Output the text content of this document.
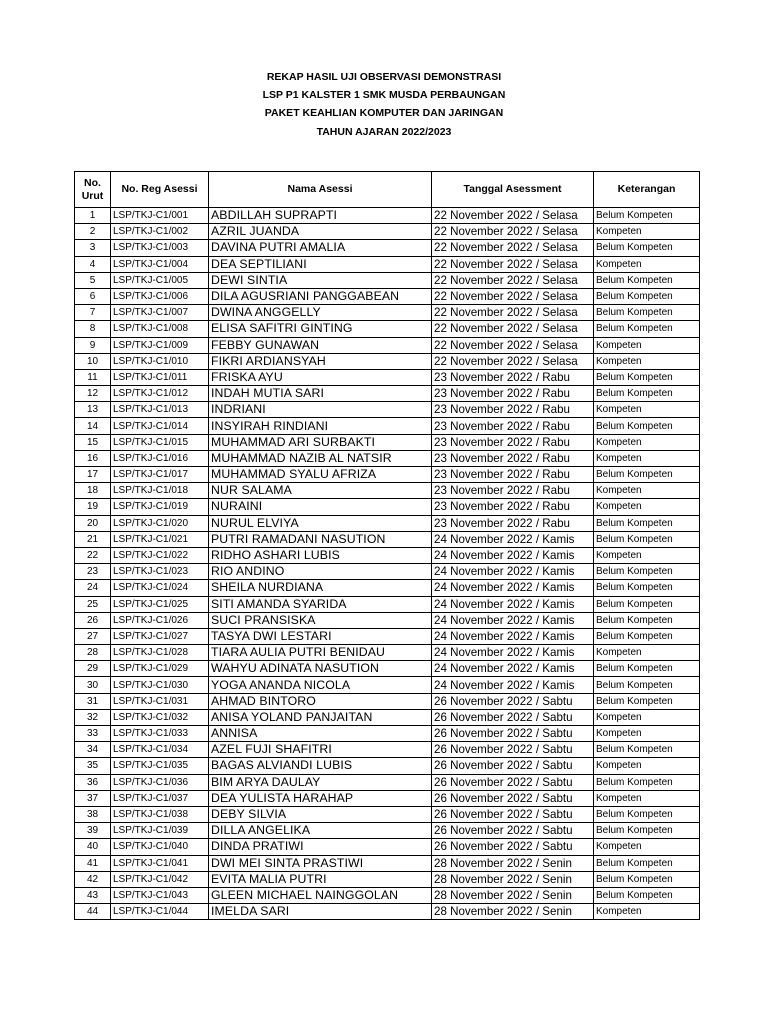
REKAP HASIL UJI OBSERVASI DEMONSTRASI
LSP P1 KALSTER 1 SMK MUSDA PERBAUNGAN
PAKET KEAHLIAN KOMPUTER DAN JARINGAN
TAHUN AJARAN 2022/2023
No.
Urut	No. Reg Asessi	Nama Asessi	Tanggal Asessment	Keterangan
1	LSP/TKJ-C1/001	ABDILLAH SUPRAPTI	22 November 2022 / Selasa	Belum Kompeten
2	LSP/TKJ-C1/002	AZRIL JUANDA	22 November 2022 / Selasa	Kompeten
3	LSP/TKJ-C1/003	DAVINA PUTRI AMALIA	22 November 2022 / Selasa	Belum Kompeten
4	LSP/TKJ-C1/004	DEA SEPTILIANI	22 November 2022 / Selasa	Kompeten
5	LSP/TKJ-C1/005	DEWI SINTIA	22 November 2022 / Selasa	Belum Kompeten
6	LSP/TKJ-C1/006	DILA AGUSRIANI PANGGABEAN	22 November 2022 / Selasa	Belum Kompeten
7	LSP/TKJ-C1/007	DWINA ANGGELLY	22 November 2022 / Selasa	Belum Kompeten
8	LSP/TKJ-C1/008	ELISA SAFITRI GINTING	22 November 2022 / Selasa	Belum Kompeten
9	LSP/TKJ-C1/009	FEBBY GUNAWAN	22 November 2022 / Selasa	Kompeten
10	LSP/TKJ-C1/010	FIKRI ARDIANSYAH	22 November 2022 / Selasa	Kompeten
11	LSP/TKJ-C1/011	FRISKA AYU	23 November 2022 / Rabu	Belum Kompeten
12	LSP/TKJ-C1/012	INDAH MUTIA SARI	23 November 2022 / Rabu	Belum Kompeten
13	LSP/TKJ-C1/013	INDRIANI	23 November 2022 / Rabu	Kompeten
14	LSP/TKJ-C1/014	INSYIRAH RINDIANI	23 November 2022 / Rabu	Belum Kompeten
15	LSP/TKJ-C1/015	MUHAMMAD ARI SURBAKTI	23 November 2022 / Rabu	Kompeten
16	LSP/TKJ-C1/016	MUHAMMAD NAZIB AL NATSIR	23 November 2022 / Rabu	Kompeten
17	LSP/TKJ-C1/017	MUHAMMAD SYALU AFRIZA	23 November 2022 / Rabu	Belum Kompeten
18	LSP/TKJ-C1/018	NUR SALAMA	23 November 2022 / Rabu	Kompeten
19	LSP/TKJ-C1/019	NURAINI	23 November 2022 / Rabu	Kompeten
20	LSP/TKJ-C1/020	NURUL ELVIYA	23 November 2022 / Rabu	Belum Kompeten
21	LSP/TKJ-C1/021	PUTRI RAMADANI NASUTION	24 November 2022 / Kamis	Belum Kompeten
22	LSP/TKJ-C1/022	RIDHO ASHARI LUBIS	24 November 2022 / Kamis	Kompeten
23	LSP/TKJ-C1/023	RIO ANDINO	24 November 2022 / Kamis	Belum Kompeten
24	LSP/TKJ-C1/024	SHEILA NURDIANA	24 November 2022 / Kamis	Belum Kompeten
25	LSP/TKJ-C1/025	SITI AMANDA SYARIDA	24 November 2022 / Kamis	Belum Kompeten
26	LSP/TKJ-C1/026	SUCI PRANSISKA	24 November 2022 / Kamis	Belum Kompeten
27	LSP/TKJ-C1/027	TASYA DWI LESTARI	24 November 2022 / Kamis	Belum Kompeten
28	LSP/TKJ-C1/028	TIARA AULIA PUTRI BENIDAU	24 November 2022 / Kamis	Kompeten
29	LSP/TKJ-C1/029	WAHYU ADINATA NASUTION	24 November 2022 / Kamis	Belum Kompeten
30	LSP/TKJ-C1/030	YOGA ANANDA NICOLA	24 November 2022 / Kamis	Belum Kompeten
31	LSP/TKJ-C1/031	AHMAD BINTORO	26 November 2022 / Sabtu	Belum Kompeten
32	LSP/TKJ-C1/032	ANISA YOLAND PANJAITAN	26 November 2022 / Sabtu	Kompeten
33	LSP/TKJ-C1/033	ANNISA	26 November 2022 / Sabtu	Kompeten
34	LSP/TKJ-C1/034	AZEL FUJI SHAFITRI	26 November 2022 / Sabtu	Belum Kompeten
35	LSP/TKJ-C1/035	BAGAS ALVIANDI LUBIS	26 November 2022 / Sabtu	Kompeten
36	LSP/TKJ-C1/036	BIM ARYA DAULAY	26 November 2022 / Sabtu	Belum Kompeten
37	LSP/TKJ-C1/037	DEA YULISTA HARAHAP	26 November 2022 / Sabtu	Kompeten
38	LSP/TKJ-C1/038	DEBY SILVIA	26 November 2022 / Sabtu	Belum Kompeten
39	LSP/TKJ-C1/039	DILLA ANGELIKA	26 November 2022 / Sabtu	Belum Kompeten
40	LSP/TKJ-C1/040	DINDA PRATIWI	26 November 2022 / Sabtu	Kompeten
41	LSP/TKJ-C1/041	DWI MEI SINTA PRASTIWI	28 November 2022 / Senin	Belum Kompeten
42	LSP/TKJ-C1/042	EVITA MALIA PUTRI	28 November 2022 / Senin	Belum Kompeten
43	LSP/TKJ-C1/043	GLEEN MICHAEL NAINGGOLAN	28 November 2022 / Senin	Belum Kompeten
44	LSP/TKJ-C1/044	IMELDA SARI	28 November 2022 / Senin	Kompeten
